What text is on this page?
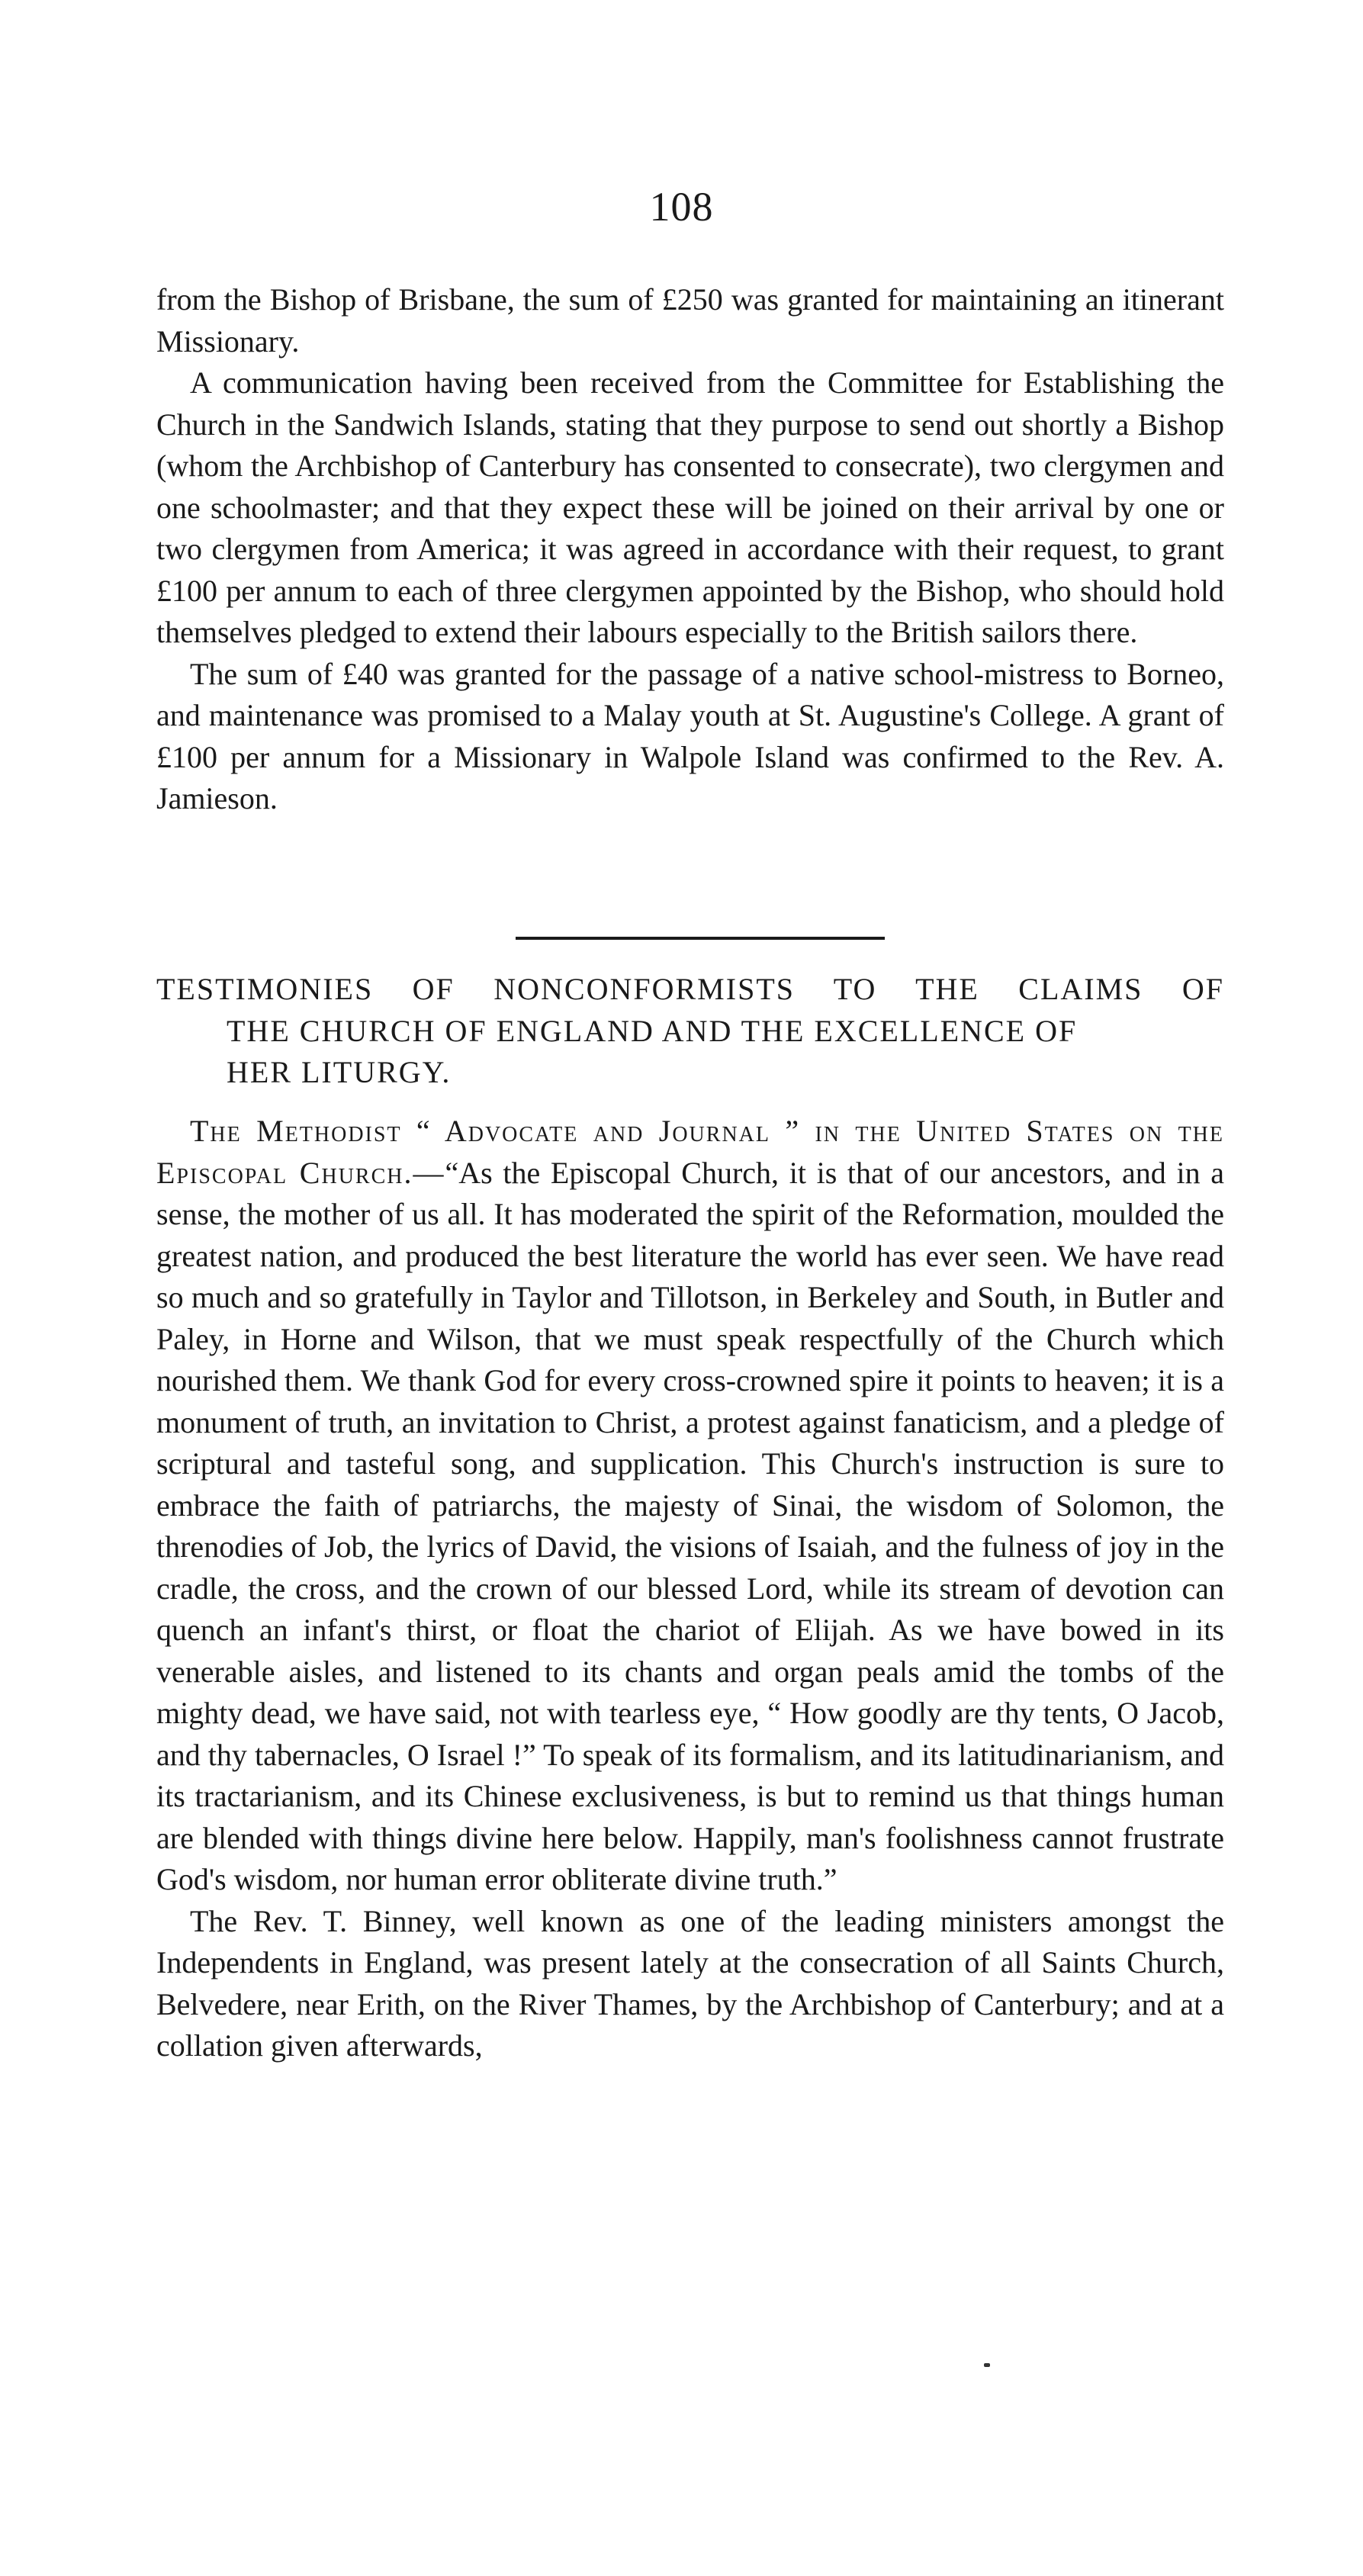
108

from the Bishop of Brisbane, the sum of £250 was granted for maintaining an itinerant Missionary.

A communication having been received from the Committee for Establishing the Church in the Sandwich Islands, stating that they purpose to send out shortly a Bishop (whom the Archbishop of Canterbury has consented to consecrate), two clergymen and one schoolmaster; and that they expect these will be joined on their arrival by one or two clergymen from America; it was agreed in accordance with their request, to grant £100 per annum to each of three clergymen appointed by the Bishop, who should hold themselves pledged to extend their labours especially to the British sailors there.

The sum of £40 was granted for the passage of a native school-mistress to Borneo, and maintenance was promised to a Malay youth at St. Augustine's College. A grant of £100 per annum for a Missionary in Walpole Island was confirmed to the Rev. A. Jamieson.

TESTIMONIES OF NONCONFORMISTS TO THE CLAIMS OF
THE CHURCH OF ENGLAND AND THE EXCELLENCE OF
HER LITURGY.

The Methodist “ Advocate and Journal ” in the United States on the Episcopal Church.—“As the Episcopal Church, it is that of our ancestors, and in a sense, the mother of us all. It has moderated the spirit of the Reformation, moulded the greatest nation, and produced the best literature the world has ever seen. We have read so much and so gratefully in Taylor and Tillotson, in Berkeley and South, in Butler and Paley, in Horne and Wilson, that we must speak respectfully of the Church which nourished them. We thank God for every cross-crowned spire it points to heaven; it is a monument of truth, an invitation to Christ, a protest against fanaticism, and a pledge of scriptural and tasteful song, and supplication. This Church's instruction is sure to embrace the faith of patriarchs, the majesty of Sinai, the wisdom of Solomon, the threnodies of Job, the lyrics of David, the visions of Isaiah, and the fulness of joy in the cradle, the cross, and the crown of our blessed Lord, while its stream of devotion can quench an infant's thirst, or float the chariot of Elijah. As we have bowed in its venerable aisles, and listened to its chants and organ peals amid the tombs of the mighty dead, we have said, not with tearless eye, “ How goodly are thy tents, O Jacob, and thy tabernacles, O Israel !” To speak of its formalism, and its latitudinarianism, and its tractarianism, and its Chinese exclusiveness, is but to remind us that things human are blended with things divine here below. Happily, man's foolishness cannot frustrate God's wisdom, nor human error obliterate divine truth.”

The Rev. T. Binney, well known as one of the leading ministers amongst the Independents in England, was present lately at the consecration of all Saints Church, Belvedere, near Erith, on the River Thames, by the Archbishop of Canterbury; and at a collation given afterwards,
